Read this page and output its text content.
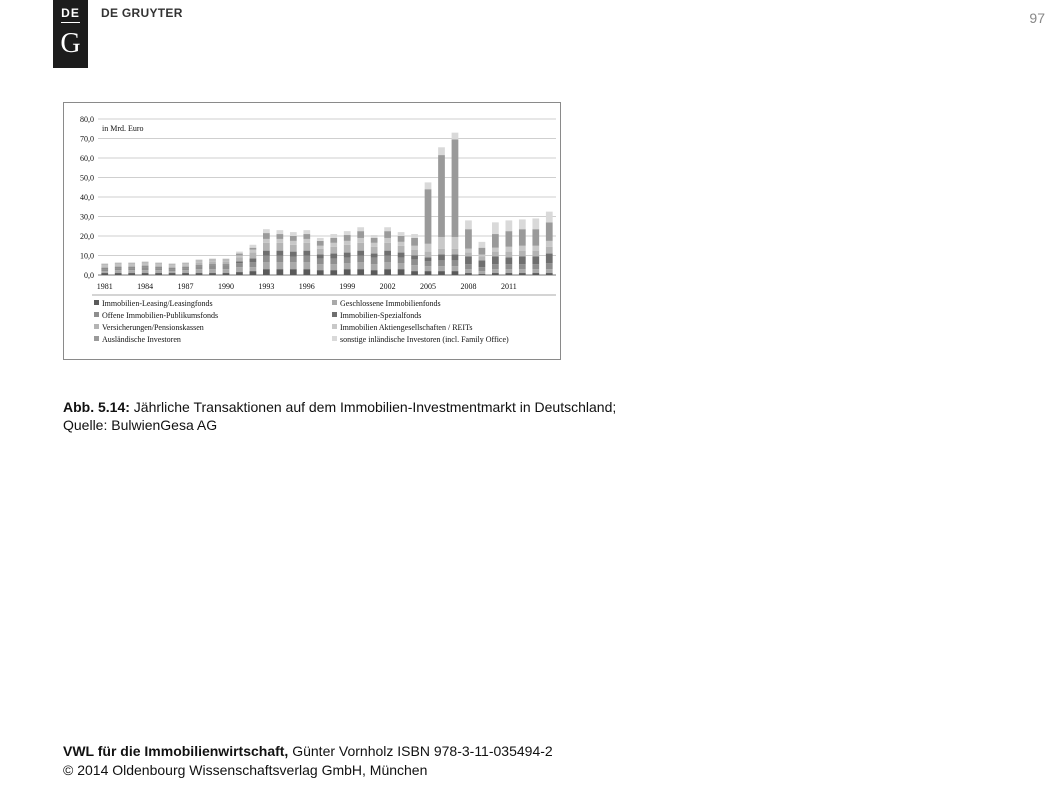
DE
G
DE GRUYTER	97
0,0
10,0
20,0
30,0
40,0
50,0
60,0
70,0
80,0
in Mrd. Euro
1981	1984	1987	1990	1993	1996	1999	2002	2005	2008	2011
Immobilien-Leasing/Leasingfonds	Geschlossene Immobilienfonds
Offene Immobilien-Publikumsfonds	Immobilien-Spezialfonds
Versicherungen/Pensionskassen	Immobilien Aktiengesellschaften / REITs
Ausländische Investoren	sonstige inländische Investoren (incl. Family Office)
Abb. 5.14: Jährliche Transaktionen auf dem Immobilien-Investmentmarkt in Deutschland;
Quelle: BulwienGesa AG
VWL für die Immobilienwirtschaft, Günter Vornholz ISBN 978-3-11-035494-2
© 2014 Oldenbourg Wissenschaftsverlag GmbH, München
